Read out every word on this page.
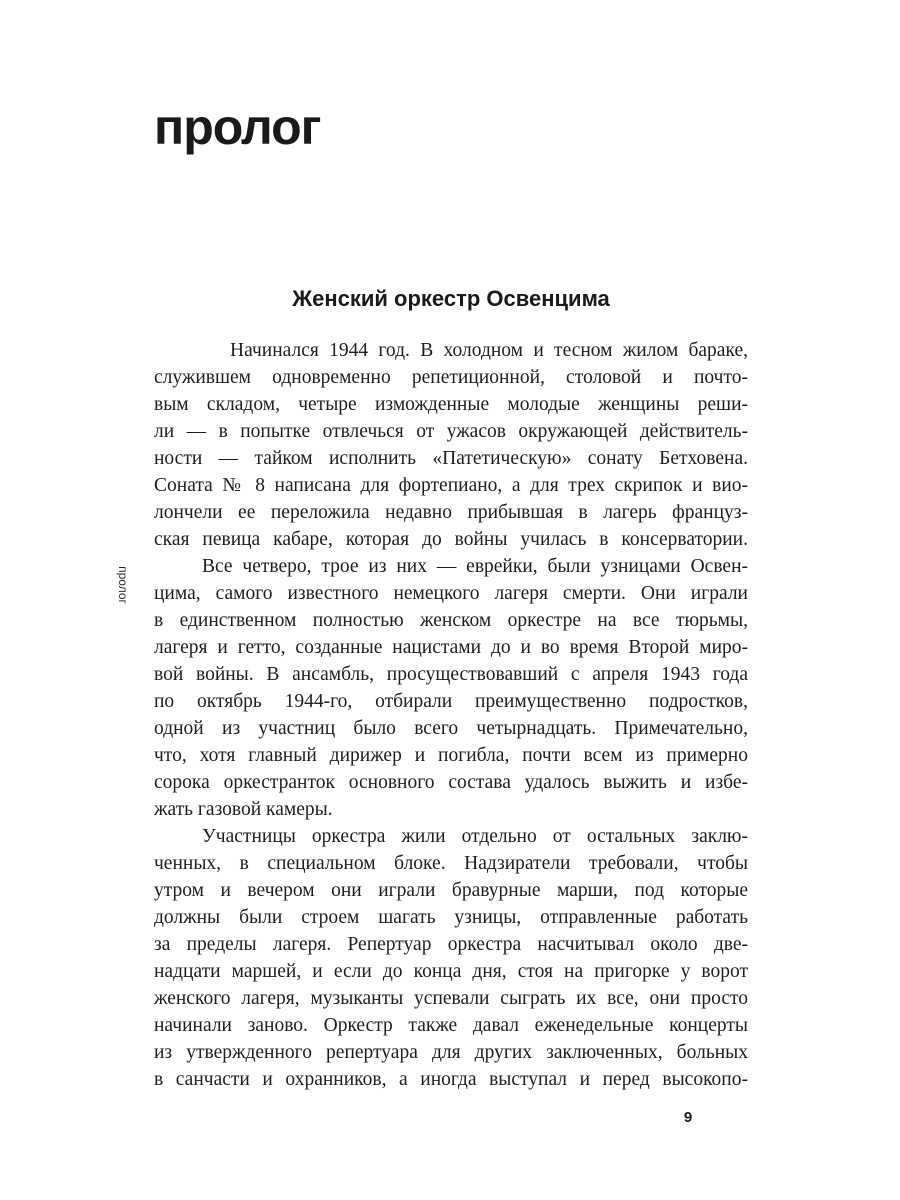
пролог
пролог
Женский оркестр Освенцима
Начинался 1944 год. В холодном и тесном жилом бараке,
служившем одновременно репетиционной, столовой и почто-
вым складом, четыре изможденные молодые женщины реши-
ли — в попытке отвлечься от ужасов окружающей действитель-
ности — тайком исполнить «Патетическую» сонату Бетховена.
Соната № 8 написана для фортепиано, а для трех скрипок и вио-
лончели ее переложила недавно прибывшая в лагерь француз-
ская певица кабаре, которая до войны училась в консерватории.
Все четверо, трое из них — еврейки, были узницами Освен-
цима, самого известного немецкого лагеря смерти. Они играли
в единственном полностью женском оркестре на все тюрьмы,
лагеря и гетто, созданные нацистами до и во время Второй миро-
вой войны. В ансамбль, просуществовавший с апреля 1943 года
по октябрь 1944-го, отбирали преимущественно подростков,
одной из участниц было всего четырнадцать. Примечательно,
что, хотя главный дирижер и погибла, почти всем из примерно
сорока оркестранток основного состава удалось выжить и избе-
жать газовой камеры.
Участницы оркестра жили отдельно от остальных заклю-
ченных, в специальном блоке. Надзиратели требовали, чтобы
утром и вечером они играли бравурные марши, под которые
должны были строем шагать узницы, отправленные работать
за пределы лагеря. Репертуар оркестра насчитывал около две-
надцати маршей, и если до конца дня, стоя на пригорке у ворот
женского лагеря, музыканты успевали сыграть их все, они просто
начинали заново. Оркестр также давал еженедельные концерты
из утвержденного репертуара для других заключенных, больных
в санчасти и охранников, а иногда выступал и перед высокопо-
9
